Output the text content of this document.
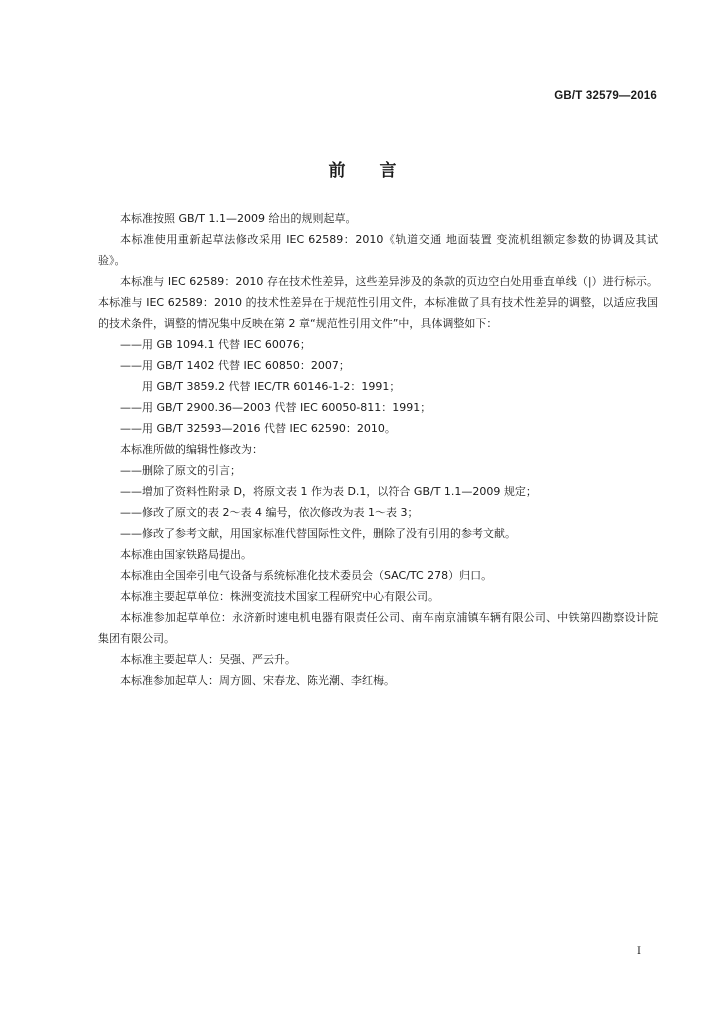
GB/T 32579—2016
前言

本标准按照 GB/T 1.1—2009 给出的规则起草。

本标准使用重新起草法修改采用 IEC 62589：2010《轨道交通 地面装置 变流机组额定参数的协调及其试验》。

本标准与 IEC 62589：2010 存在技术性差异，这些差异涉及的条款的页边空白处用垂直单线（|）进行标示。本标准与 IEC 62589：2010 的技术性差异在于规范性引用文件，本标准做了具有技术性差异的调整，以适应我国的技术条件，调整的情况集中反映在第 2 章“规范性引用文件”中，具体调整如下：

——用 GB 1094.1 代替 IEC 60076；

——用 GB/T 1402 代替 IEC 60850：2007；

用 GB/T 3859.2 代替 IEC/TR 60146-1-2：1991；

——用 GB/T 2900.36—2003 代替 IEC 60050-811：1991；

——用 GB/T 32593—2016 代替 IEC 62590：2010。

本标准所做的编辑性修改为：

——删除了原文的引言；

——增加了资料性附录 D，将原文表 1 作为表 D.1，以符合 GB/T 1.1—2009 规定；

——修改了原文的表 2～表 4 编号，依次修改为表 1～表 3；

——修改了参考文献，用国家标准代替国际性文件，删除了没有引用的参考文献。

本标准由国家铁路局提出。

本标准由全国牵引电气设备与系统标准化技术委员会（SAC/TC 278）归口。

本标准主要起草单位：株洲变流技术国家工程研究中心有限公司。

本标准参加起草单位：永济新时速电机电器有限责任公司、南车南京浦镇车辆有限公司、中铁第四勘察设计院集团有限公司。

本标准主要起草人：吴强、严云升。

本标准参加起草人：周方圆、宋春龙、陈光潮、李红梅。

I
